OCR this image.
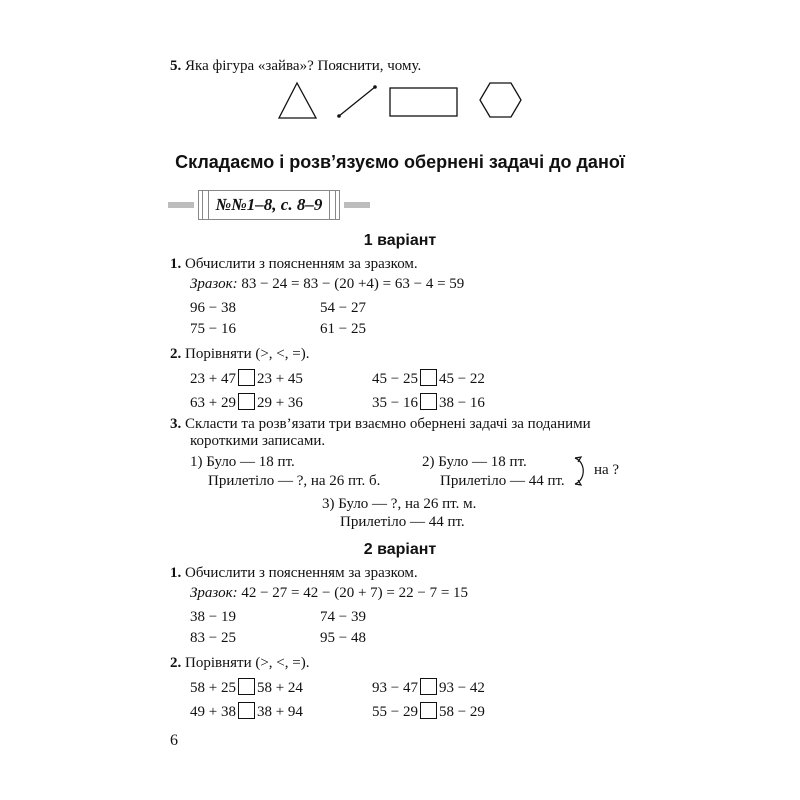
5. Яка фігура «зайва»? Пояснити, чому.
Складаємо і розв’язуємо обернені задачі до даної
№№1–8, с. 8–9
1 варіант
1. Обчислити з поясненням за зразком.
Зразок: 83 − 24 = 83 − (20 +4) = 63 − 4 = 59
96 − 38	54 − 27
75 − 16	61 − 25
2. Порівняти (>, <, =).
23 + 47 23 + 45	45 − 25 45 − 22
63 + 29 29 + 36	35 − 16 38 − 16
3. Скласти та розв’язати три взаємно обернені задачі за поданими
короткими записами.
1) Було — 18 пт.
Прилетіло — ?, на 26 пт. б.
2) Було — 18 пт.
Прилетіло — 44 пт.
на ?
3) Було — ?, на 26 пт. м.
Прилетіло — 44 пт.
2 варіант
1. Обчислити з поясненням за зразком.
Зразок: 42 − 27 = 42 − (20 + 7) = 22 − 7 = 15
38 − 19	74 − 39
83 − 25	95 − 48
2. Порівняти (>, <, =).
58 + 25 58 + 24	93 − 47 93 − 42
49 + 38 38 + 94	55 − 29 58 − 29
6
